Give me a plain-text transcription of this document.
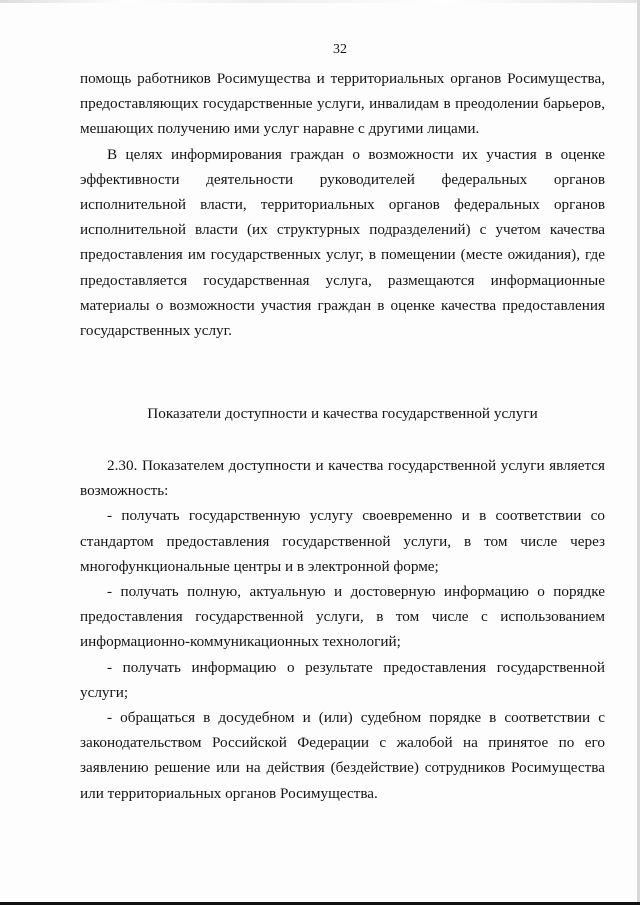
32

помощь работников Росимущества и территориальных органов Росимущества, предоставляющих государственные услуги, инвалидам в преодолении барьеров, мешающих получению ими услуг наравне с другими лицами.

В целях информирования граждан о возможности их участия в оценке эффективности деятельности руководителей федеральных органов исполнительной власти, территориальных органов федеральных органов исполнительной власти (их структурных подразделений) с учетом качества предоставления им государственных услуг, в помещении (месте ожидания), где предоставляется государственная услуга, размещаются информационные материалы о возможности участия граждан в оценке качества предоставления государственных услуг.

Показатели доступности и качества государственной услуги

2.30. Показателем доступности и качества государственной услуги является возможность:

- получать государственную услугу своевременно и в соответствии со стандартом предоставления государственной услуги, в том числе через многофункциональные центры и в электронной форме;

- получать полную, актуальную и достоверную информацию о порядке предоставления государственной услуги, в том числе с использованием информационно-коммуникационных технологий;

- получать информацию о результате предоставления государственной услуги;

- обращаться в досудебном и (или) судебном порядке в соответствии с законодательством Российской Федерации с жалобой на принятое по его заявлению решение или на действия (бездействие) сотрудников Росимущества или территориальных органов Росимущества.
